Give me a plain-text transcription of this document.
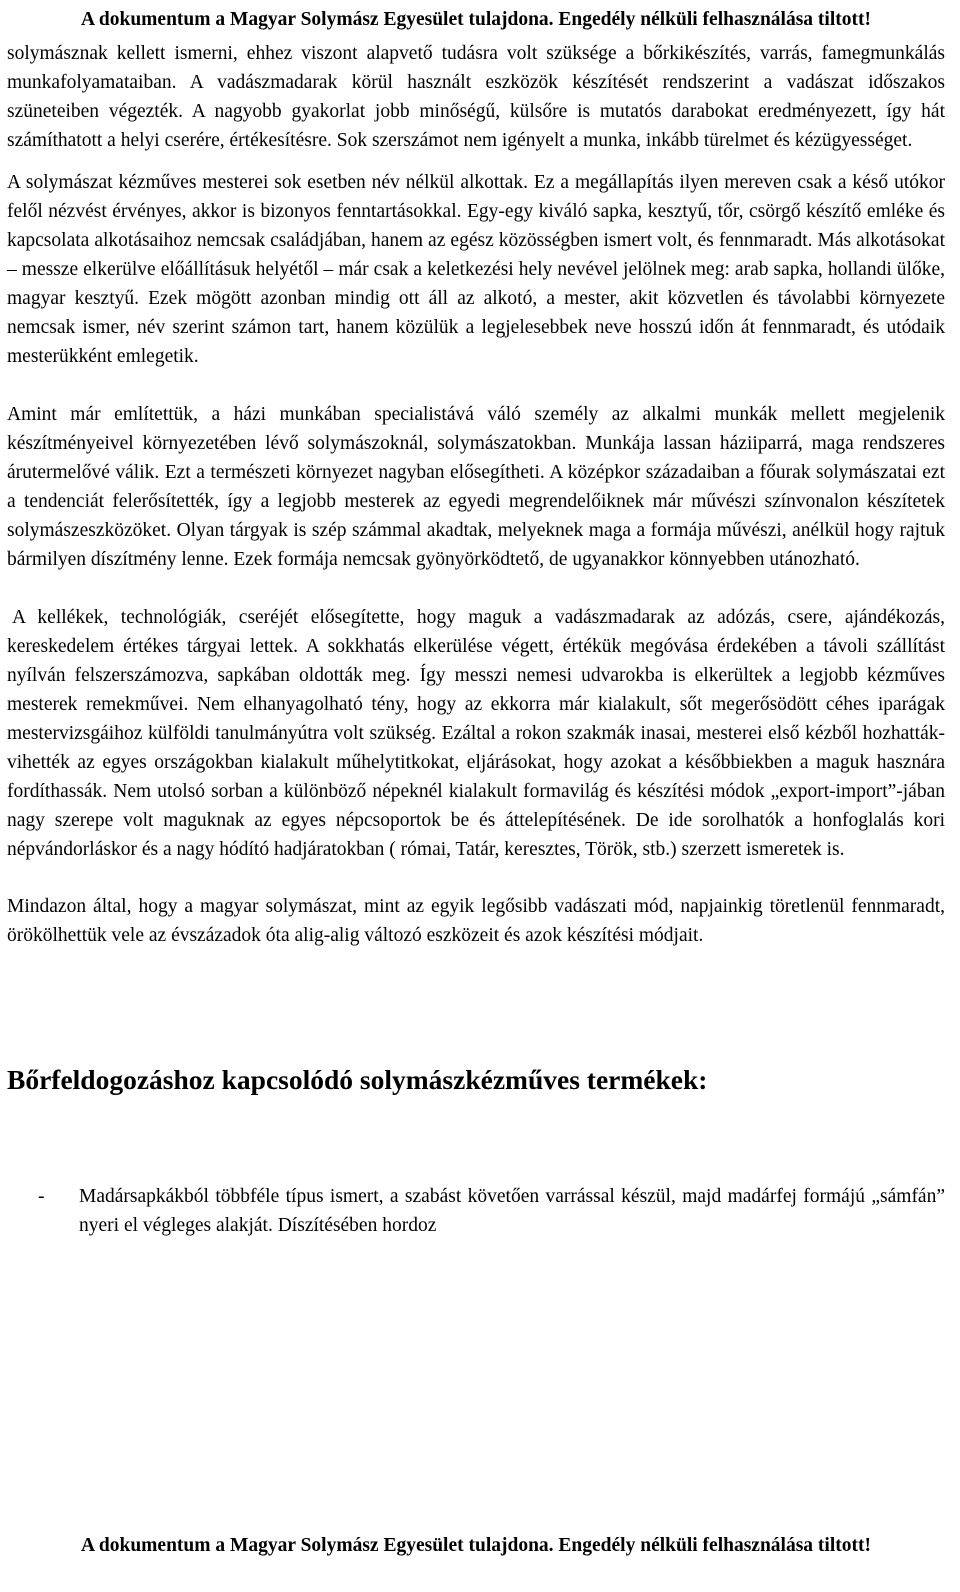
A dokumentum a Magyar Solymász Egyesület tulajdona. Engedély nélküli felhasználása tiltott!

solymásznak kellett ismerni, ehhez viszont alapvető tudásra volt szüksége a bőrkikészítés, varrás, famegmunkálás munkafolyamataiban. A vadászmadarak körül használt eszközök készítését rendszerint a vadászat időszakos szüneteiben végezték. A nagyobb gyakorlat jobb minőségű, külsőre is mutatós darabokat eredményezett, így hát számíthatott a helyi cserére, értékesítésre. Sok szerszámot nem igényelt a munka, inkább türelmet és kézügyességet.

A solymászat kézműves mesterei sok esetben név nélkül alkottak. Ez a megállapítás ilyen mereven csak a késő utókor felől nézvést érvényes, akkor is bizonyos fenntartásokkal. Egy-egy kiváló sapka, kesztyű, tőr, csörgő készítő emléke és kapcsolata alkotásaihoz nemcsak családjában, hanem az egész közösségben ismert volt, és fennmaradt. Más alkotásokat – messze elkerülve előállításuk helyétől – már csak a keletkezési hely nevével jelölnek meg: arab sapka, hollandi ülőke, magyar kesztyű. Ezek mögött azonban mindig ott áll az alkotó, a mester, akit közvetlen és távolabbi környezete nemcsak ismer, név szerint számon tart, hanem közülük a legjelesebbek neve hosszú időn át fennmaradt, és utódaik mesterükként emlegetik.

Amint már említettük, a házi munkában specialistává váló személy az alkalmi munkák mellett megjelenik készítményeivel környezetében lévő solymászoknál, solymászatokban. Munkája lassan háziiparrá, maga rendszeres árutermelővé válik. Ezt a természeti környezet nagyban elősegítheti. A középkor századaiban a főurak solymászatai ezt a tendenciát felerősítették, így a legjobb mesterek az egyedi megrendelőiknek már művészi színvonalon készítetek solymászeszközöket. Olyan tárgyak is szép számmal akadtak, melyeknek maga a formája művészi, anélkül hogy rajtuk bármilyen díszítmény lenne. Ezek formája nemcsak gyönyörködtető, de ugyanakkor könnyebben utánozható.

A kellékek, technológiák, cseréjét elősegítette, hogy maguk a vadászmadarak az adózás, csere, ajándékozás, kereskedelem értékes tárgyai lettek. A sokkhatás elkerülése végett, értékük megóvása érdekében a távoli szállítást nyílván felszerszámozva, sapkában oldották meg. Így messzi nemesi udvarokba is elkerültek a legjobb kézműves mesterek remekművei. Nem elhanyagolható tény, hogy az ekkorra már kialakult, sőt megerősödött céhes iparágak mestervizsgáihoz külföldi tanulmányútra volt szükség. Ezáltal a rokon szakmák inasai, mesterei első kézből hozhatták-vihették az egyes országokban kialakult műhelytitkokat, eljárásokat, hogy azokat a későbbiekben a maguk hasznára fordíthassák. Nem utolsó sorban a különböző népeknél kialakult formavilág és készítési módok „export-import”-jában nagy szerepe volt maguknak az egyes népcsoportok be és áttelepítésének. De ide sorolhatók a honfoglalás kori népvándorláskor és a nagy hódító hadjáratokban ( római, Tatár, keresztes, Török, stb.) szerzett ismeretek is.

Mindazon által, hogy a magyar solymászat, mint az egyik legősibb vadászati mód, napjainkig töretlenül fennmaradt, örökölhettük vele az évszázadok óta alig-alig változó eszközeit és azok készítési módjait.

Bőrfeldogozáshoz kapcsolódó solymászkézműves termékek:
- Madársapkákból többféle típus ismert, a szabást követően varrással készül, majd madárfej formájú „sámfán” nyeri el végleges alakját. Díszítésében hordoz

A dokumentum a Magyar Solymász Egyesület tulajdona. Engedély nélküli felhasználása tiltott!
